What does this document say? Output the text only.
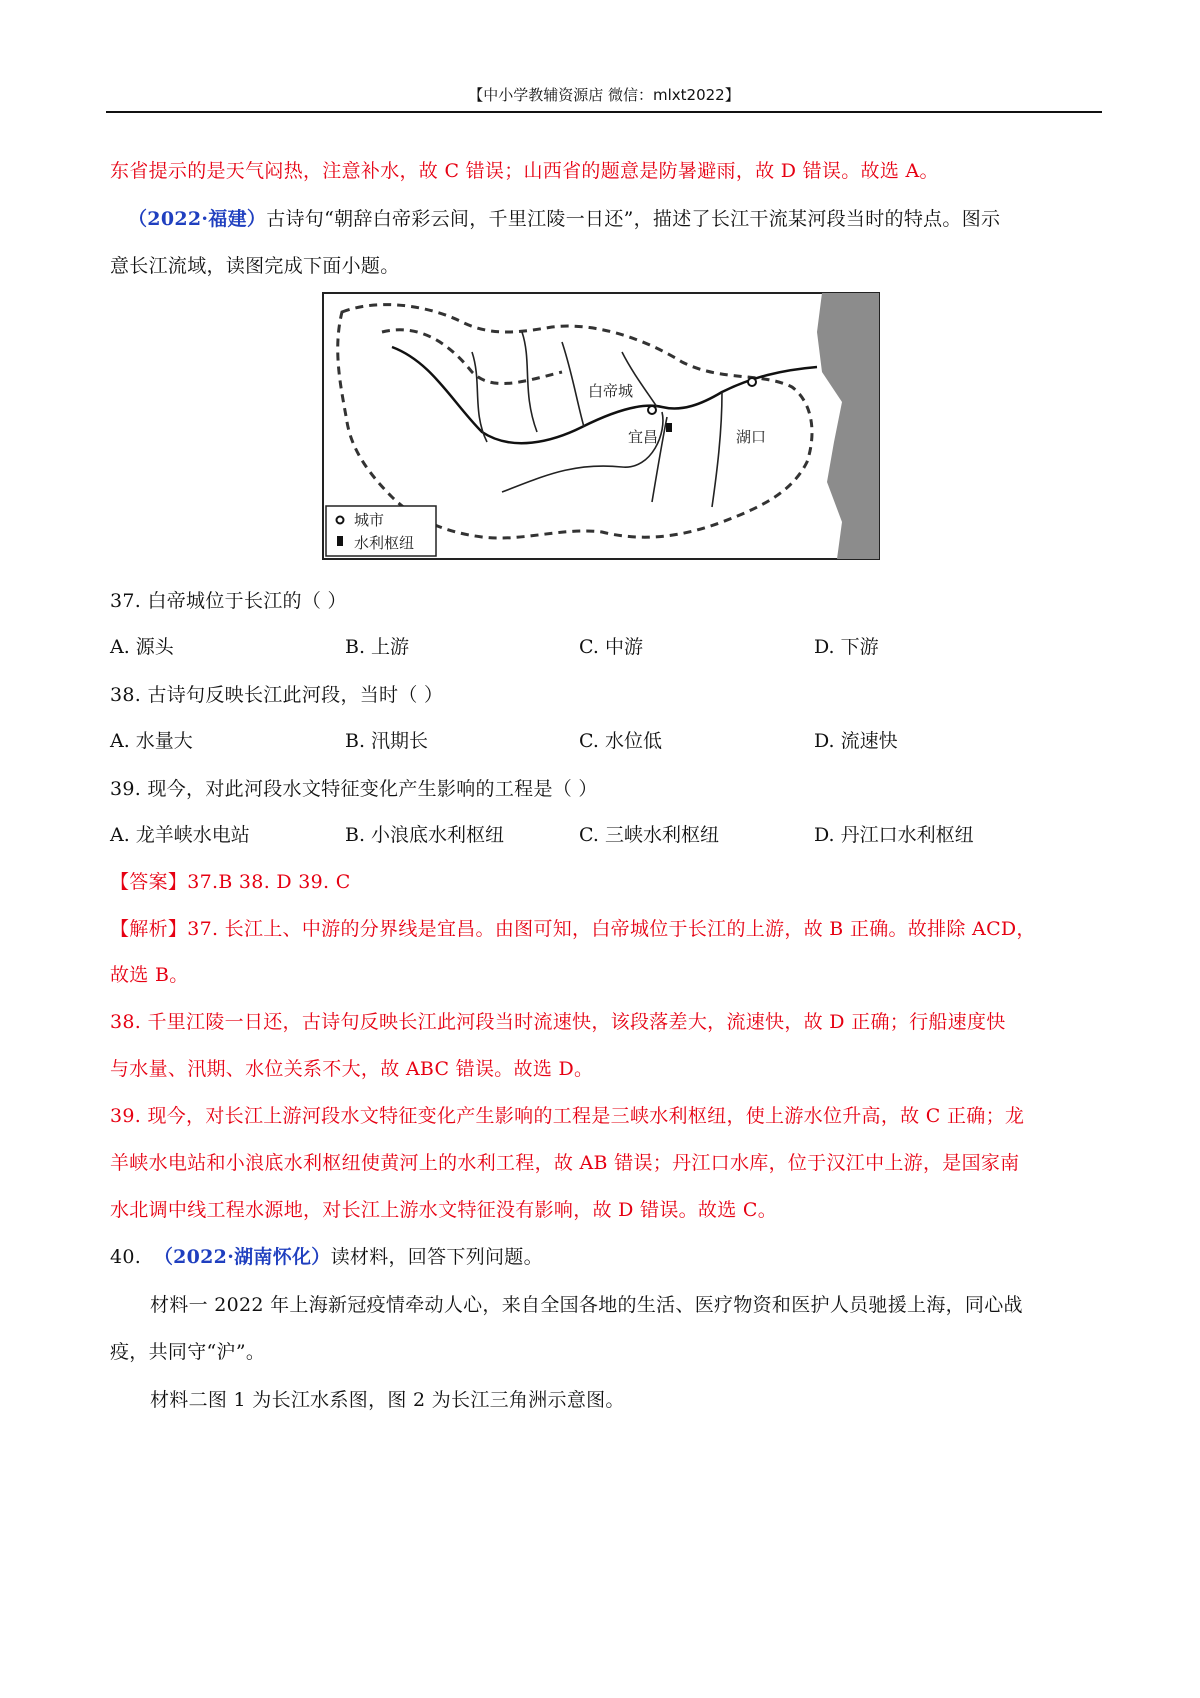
【中小学教辅资源店 微信：mlxt2022】
东省提示的是天气闷热，注意补水，故 C 错误；山西省的题意是防暑避雨，故 D 错误。故选 A。
（2022·福建）古诗句“朝辞白帝彩云间，千里江陵一日还”，描述了长江干流某河段当时的特点。图示
意长江流域，读图完成下面小题。
白帝城
宜昌	湖口
城市
水利枢纽
37. 白帝城位于长江的（ ）
A. 源头	B. 上游	C. 中游	D. 下游
38. 古诗句反映长江此河段，当时（ ）
A. 水量大	B. 汛期长	C. 水位低	D. 流速快
39. 现今，对此河段水文特征变化产生影响的工程是（ ）
A. 龙羊峡水电站	B. 小浪底水利枢纽	C. 三峡水利枢纽	D. 丹江口水利枢纽
【答案】37.B 38. D 39. C
【解析】37. 长江上、中游的分界线是宜昌。由图可知，白帝城位于长江的上游，故 B 正确。故排除 ACD，
故选 B。
38. 千里江陵一日还，古诗句反映长江此河段当时流速快，该段落差大，流速快，故 D 正确；行船速度快
与水量、汛期、水位关系不大，故 ABC 错误。故选 D。
39. 现今，对长江上游河段水文特征变化产生影响的工程是三峡水利枢纽，使上游水位升高，故 C 正确；龙
羊峡水电站和小浪底水利枢纽使黄河上的水利工程，故 AB 错误；丹江口水库，位于汉江中上游，是国家南
水北调中线工程水源地，对长江上游水文特征没有影响，故 D 错误。故选 C。
40. （2022·湖南怀化）读材料，回答下列问题。
材料一 2022 年上海新冠疫情牵动人心，来自全国各地的生活、医疗物资和医护人员驰援上海，同心战
疫，共同守“沪”。
材料二图 1 为长江水系图，图 2 为长江三角洲示意图。
